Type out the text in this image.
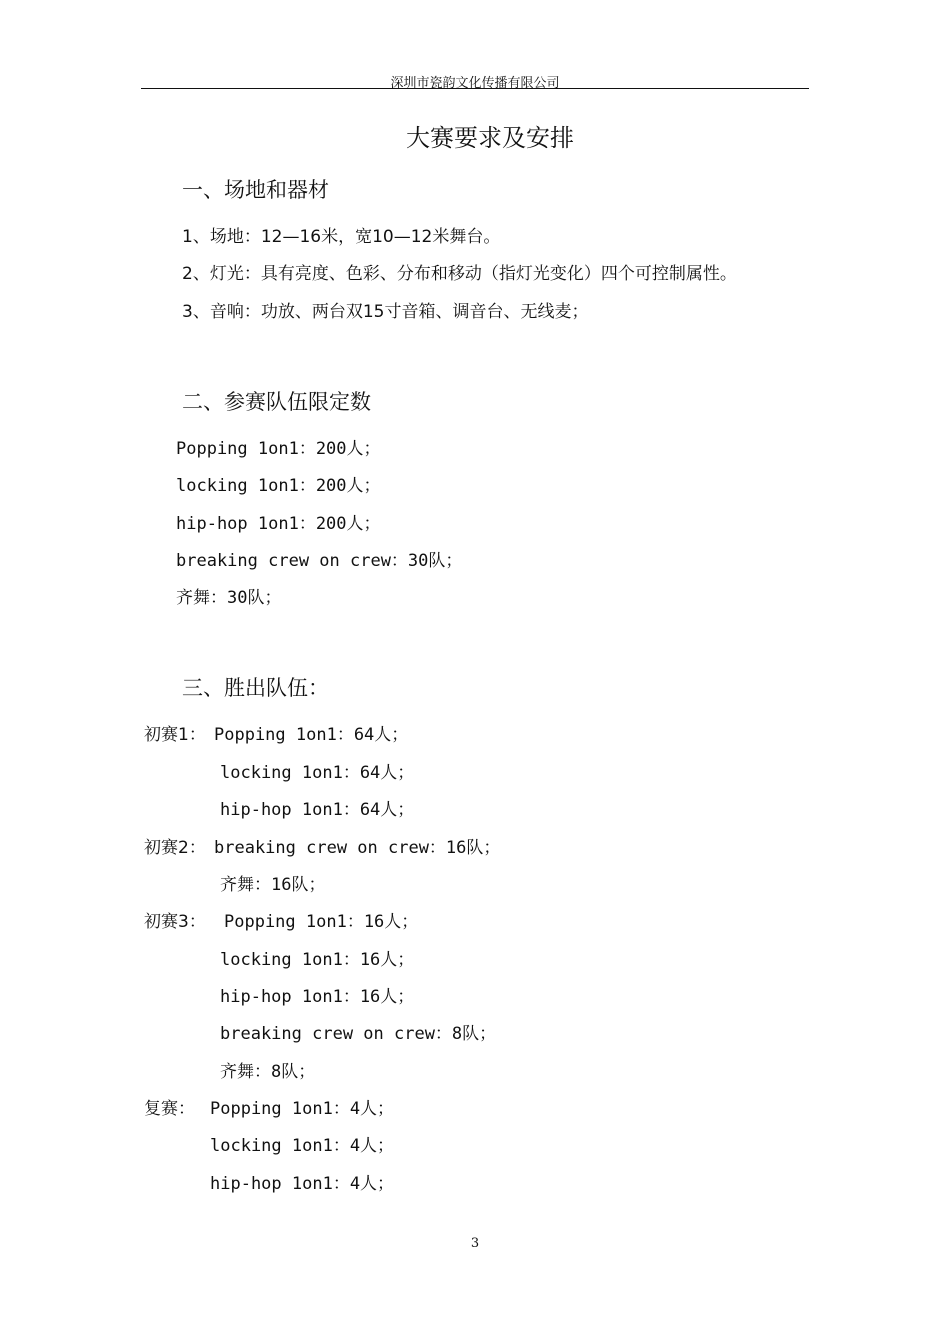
深圳市瓷韵文化传播有限公司
大赛要求及安排
一、场地和器材
1、场地：12—16米，宽10—12米舞台。
2、灯光：具有亮度、色彩、分布和移动（指灯光变化）四个可控制属性。
3、音响：功放、两台双15寸音箱、调音台、无线麦；
二、参赛队伍限定数
Popping 1on1：200人；
locking 1on1：200人；
hip-hop 1on1：200人；
breaking crew on crew：30队；
齐舞：30队；
三、胜出队伍：
初赛1： Popping 1on1：64人；
locking 1on1：64人；
hip-hop 1on1：64人；
初赛2： breaking crew on crew：16队；
齐舞：16队；
初赛3： Popping 1on1：16人；
locking 1on1：16人；
hip-hop 1on1：16人；
breaking crew on crew：8队；
齐舞：8队；
复赛： Popping 1on1：4人；
locking 1on1：4人；
hip-hop 1on1：4人；
3
